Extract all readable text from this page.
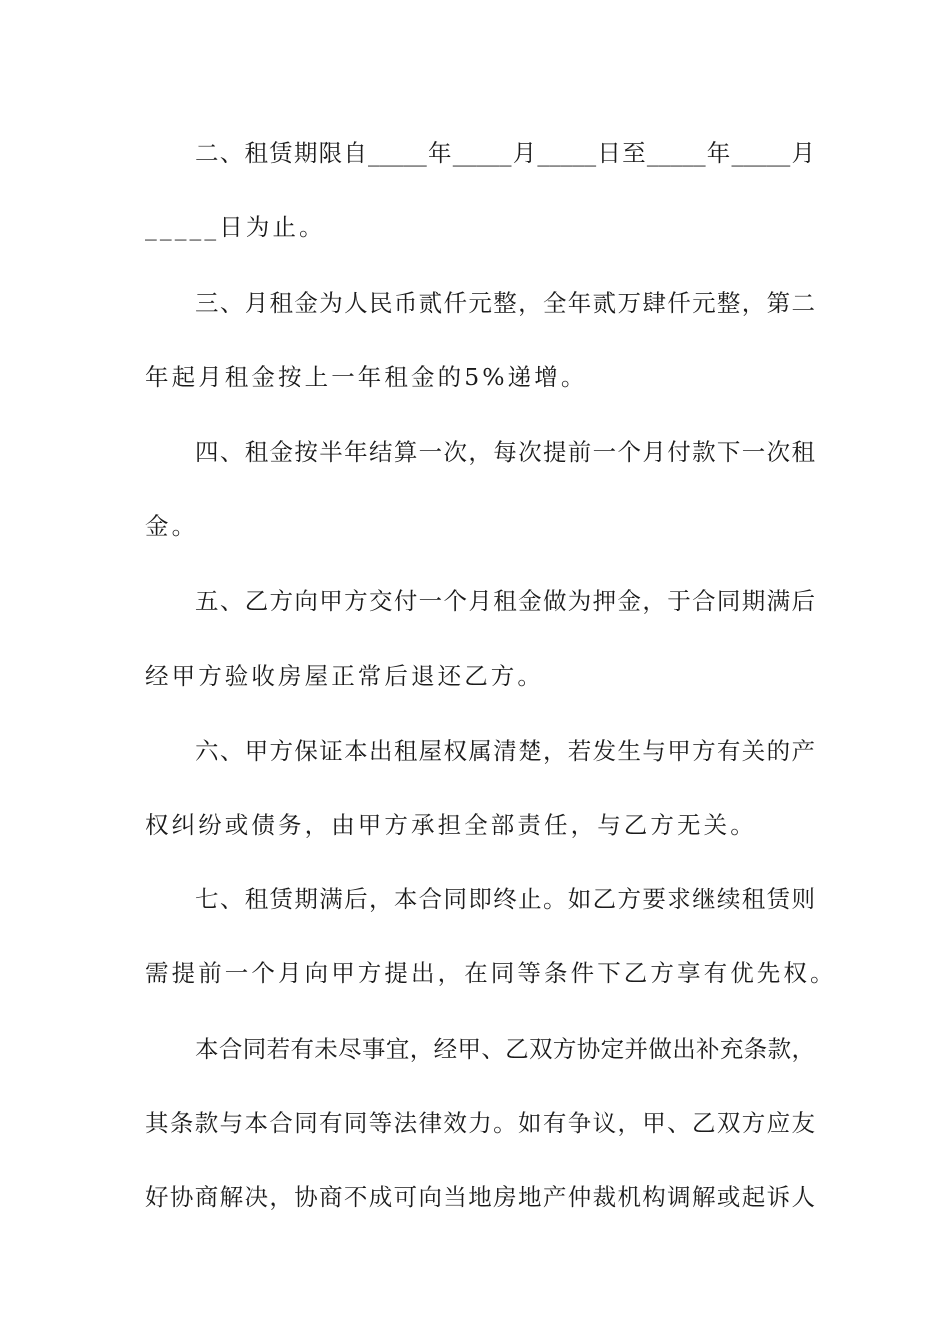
二、租赁期限自_____年_____月_____日至_____年_____月
_____日为止。
三、月租金为人民币贰仟元整，全年贰万肆仟元整，第二
年起月租金按上一年租金的5%递增。
四、租金按半年结算一次，每次提前一个月付款下一次租
金。
五、乙方向甲方交付一个月租金做为押金，于合同期满后
经甲方验收房屋正常后退还乙方。
六、甲方保证本出租屋权属清楚，若发生与甲方有关的产
权纠纷或债务，由甲方承担全部责任，与乙方无关。
七、租赁期满后，本合同即终止。如乙方要求继续租赁则
需提前一个月向甲方提出，在同等条件下乙方享有优先权。
本合同若有未尽事宜，经甲、乙双方协定并做出补充条款，
其条款与本合同有同等法律效力。如有争议，甲、乙双方应友
好协商解决，协商不成可向当地房地产仲裁机构调解或起诉人
